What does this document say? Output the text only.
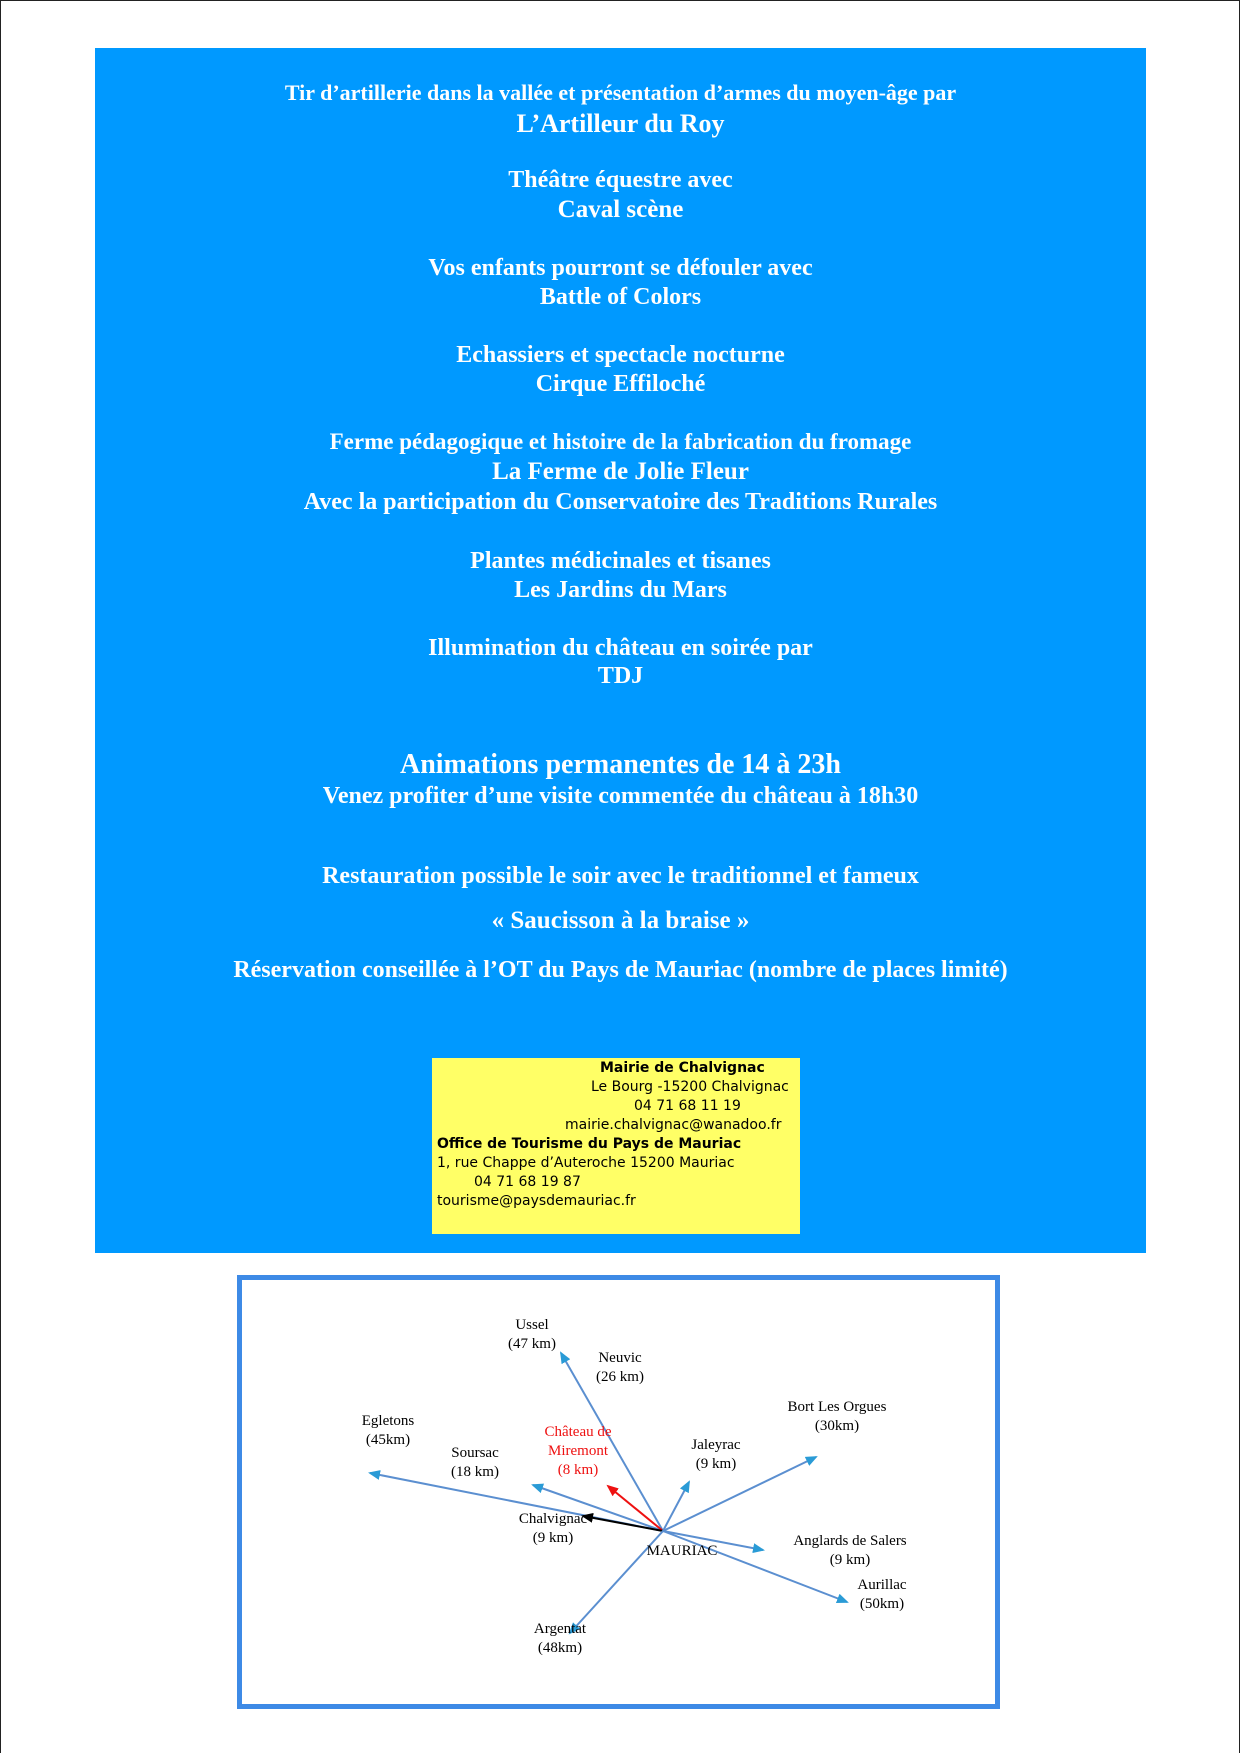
Tir d’artillerie dans la vallée et présentation d’armes du moyen-âge par
L’Artilleur du Roy
Théâtre équestre avec
Caval scène
Vos enfants pourront se défouler avec
Battle of Colors
Echassiers et spectacle nocturne
Cirque Effiloché
Ferme pédagogique et histoire de la fabrication du fromage
La Ferme de Jolie Fleur
Avec la participation du Conservatoire des Traditions Rurales
Plantes médicinales et tisanes
Les Jardins du Mars
Illumination du château en soirée par
TDJ
Animations permanentes de 14 à 23h
Venez profiter d’une visite commentée du château à 18h30
Restauration possible le soir avec le traditionnel et fameux
« Saucisson à la braise »
Réservation conseillée à l’OT du Pays de Mauriac (nombre de places limité)
Mairie de Chalvignac
Le Bourg -15200 Chalvignac
04 71 68 11 19
mairie.chalvignac@wanadoo.fr
Office de Tourisme du Pays de Mauriac
1, rue Chappe d’Auteroche 15200 Mauriac
04 71 68 19 87
tourisme@paysdemauriac.fr
Ussel
(47 km)
Neuvic
(26 km)
Bort Les Orgues
(30km)
Egletons
(45km)
Soursac
(18 km)
Château de
Miremont
(8 km)
Jaleyrac
(9 km)
Chalvignac
(9 km)	Anglards de Salers
(9 km)
Aurillac
(50km)
Argentat
(48km)
MAURIAC
